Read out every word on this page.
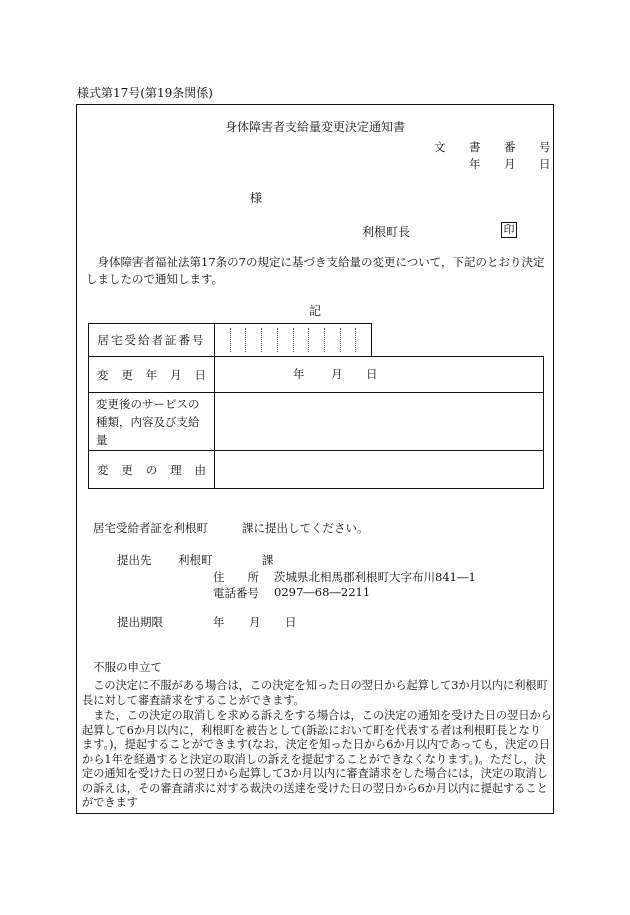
様式第17号(第19条関係)
身体障害者支給量変更決定通知書
文 書 番 号
年 月 日
様
利根町長	印
身体障害者福祉法第17条の7の規定に基づき支給量の変更について，下記のとおり決定しましたので通知します。
記
居宅受給者証番号

変 更 年 月 日	年 月 日

変更後のサービスの
種類，内容及び支給量	

変 更 の 理 由	

居宅受給者証を利根町	課に提出してください。
提出先 利根町	課
住　　所 茨城県北相馬郡利根町大字布川841―1
電話番号 0297―68―2211
提出期限	年 月 日
不服の申立て
この決定に不服がある場合は，この決定を知った日の翌日から起算して3か月以内に利根町長に対して審査請求をすることができます。
また，この決定の取消しを求める訴えをする場合は，この決定の通知を受けた日の翌日から起算して6か月以内に，利根町を被告として(訴訟において町を代表する者は利根町長となります。)，提起することができます(なお，決定を知った日から6か月以内であっても，決定の日から1年を経過すると決定の取消しの訴えを提起することができなくなります。)。ただし，決定の通知を受けた日の翌日から起算して3か月以内に審査請求をした場合には，決定の取消しの訴えは，その審査請求に対する裁決の送達を受けた日の翌日から6か月以内に提起することができます
